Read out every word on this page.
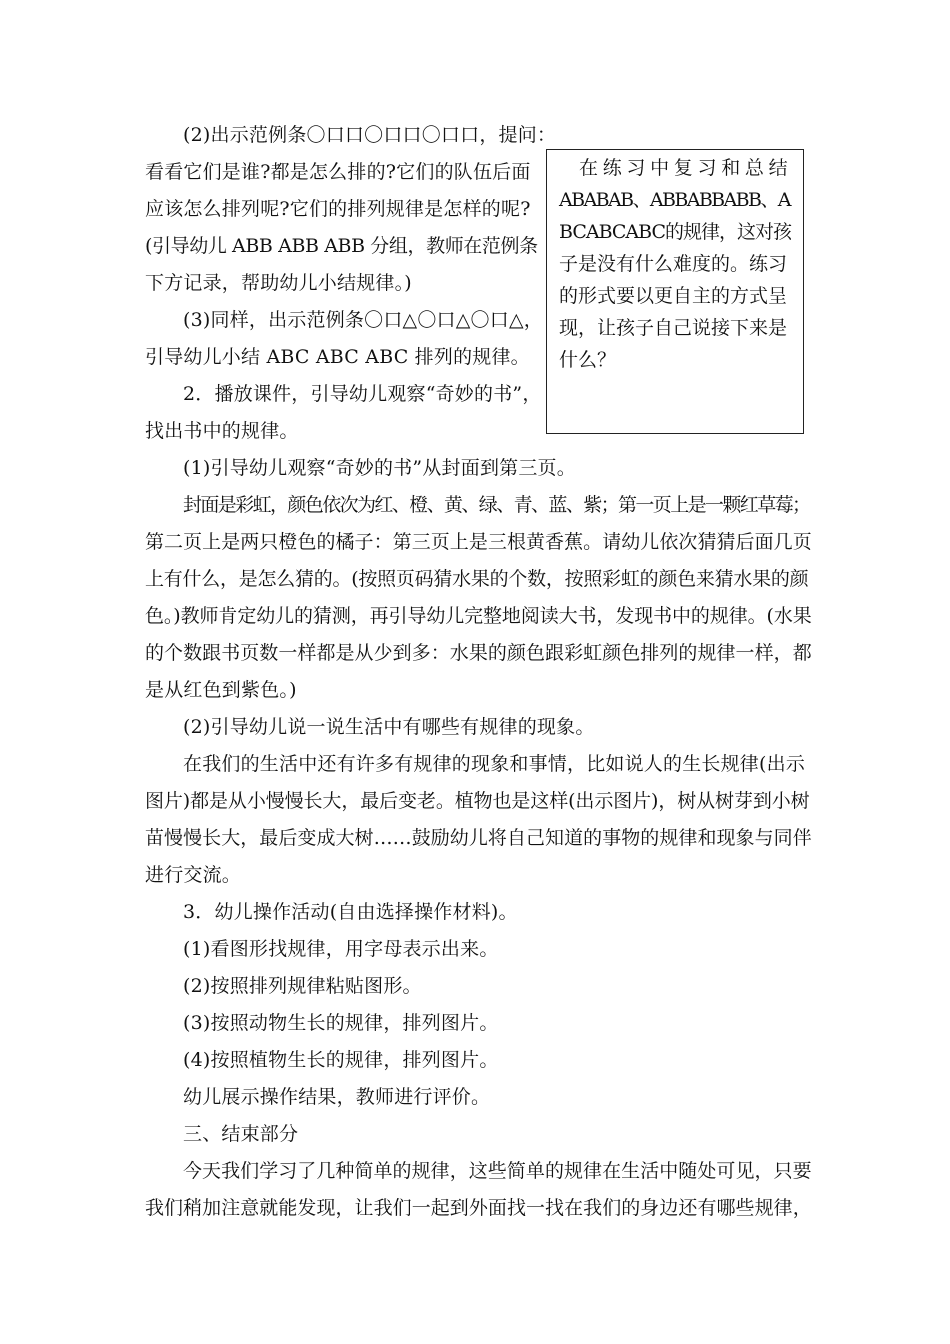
(2)出示范例条〇口口〇口口〇口口，提问：
看看它们是谁?都是怎么排的?它们的队伍后面
应该怎么排列呢?它们的排列规律是怎样的呢?
(引导幼儿 ABB ABB ABB 分组，教师在范例条
下方记录，帮助幼儿小结规律。)
(3)同样，出示范例条〇口△〇口△〇口△，
引导幼儿小结 ABC ABC ABC 排列的规律。
2．播放课件，引导幼儿观察“奇妙的书”，
找出书中的规律。
在练习中复习和总结
ABABAB、ABBABBABB、A
BCABCABC的规律，这对孩
子是没有什么难度的。练习
的形式要以更自主的方式呈
现，让孩子自己说接下来是
什么？
(1)引导幼儿观察“奇妙的书”从封面到第三页。
封面是彩虹，颜色依次为红、橙、黄、绿、青、蓝、紫；第一页上是一颗红草莓；
第二页上是两只橙色的橘子：第三页上是三根黄香蕉。请幼儿依次猜猜后面几页
上有什么，是怎么猜的。(按照页码猜水果的个数，按照彩虹的颜色来猜水果的颜
色。)教师肯定幼儿的猜测，再引导幼儿完整地阅读大书，发现书中的规律。(水果
的个数跟书页数一样都是从少到多：水果的颜色跟彩虹颜色排列的规律一样，都
是从红色到紫色。)
(2)引导幼儿说一说生活中有哪些有规律的现象。
在我们的生活中还有许多有规律的现象和事情，比如说人的生长规律(出示
图片)都是从小慢慢长大，最后变老。植物也是这样(出示图片)，树从树芽到小树
苗慢慢长大，最后变成大树……鼓励幼儿将自己知道的事物的规律和现象与同伴
进行交流。
3．幼儿操作活动(自由选择操作材料)。
(1)看图形找规律，用字母表示出来。
(2)按照排列规律粘贴图形。
(3)按照动物生长的规律，排列图片。
(4)按照植物生长的规律，排列图片。
幼儿展示操作结果，教师进行评价。
三、结束部分
今天我们学习了几种简单的规律，这些简单的规律在生活中随处可见，只要
我们稍加注意就能发现，让我们一起到外面找一找在我们的身边还有哪些规律，
